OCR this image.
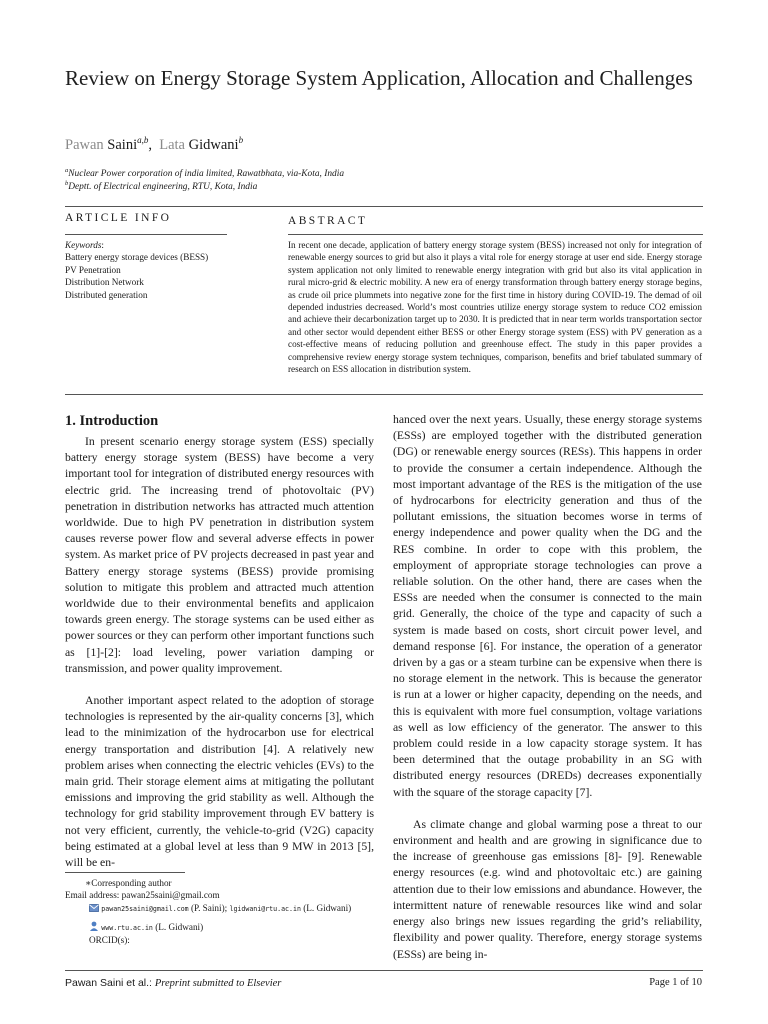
Review on Energy Storage System Application, Allocation and Challenges
Pawan Saini$^{a,b}$,  Lata Gidwani$^b$
$^a$Nuclear Power corporation of india limited, Rawatbhata, via-Kota, India
$^b$Deptt. of Electrical engineering, RTU, Kota, India
ARTICLE INFO	ABSTRACT
Keywords:
Battery energy storage devices (BESS)
PV Penetration
Distribution Network
Distributed generation
In recent one decade, application of battery energy storage system (BESS) increased not only for integration of renewable energy sources to grid but also it plays a vital role for energy storage at user end side. Energy storage system application not only limited to renewable energy integration with grid but also its vital application in rural micro-grid & electric mobility. A new era of energy transformation through battery energy storage begins, as crude oil price plummets into negative zone for the first time in history during COVID-19. The demad of oil depended industries decreased. World’s most countries utilize energy storage system to reduce CO2 emission and achieve their decarbonization target up to 2030. It is predicted that in near term worlds transportation sector and other sector would dependent either BESS or other Energy storage system (ESS) with PV generation as a cost-effective means of reducing pollution and greenhouse effect. The study in this paper provides a comprehensive review energy storage system techniques, comparison, benefits and brief tabulated summary of research on ESS allocation in distribution system.
1. Introduction

In present scenario energy storage system (ESS) specially battery energy storage system (BESS) have become a very important tool for integration of distributed energy resources with electric grid. The increasing trend of photovoltaic (PV) penetration in distribution networks has attracted much attention worldwide. Due to high PV penetration in distribution system causes reverse power flow and several adverse effects in power system. As market price of PV projects decreased in past year and Battery energy storage systems (BESS) provide promising solution to mitigate this problem and attracted much attention worldwide due to their environmental benefits and applicaion towards green energy. The storage systems can be used either as power sources or they can perform other important functions such as [1]-[2]: load leveling, power variation damping or transmission, and power quality improvement.

Another important aspect related to the adoption of storage technologies is represented by the air-quality concerns [3], which lead to the minimization of the hydrocarbon use for electrical energy transportation and distribution [4]. A relatively new problem arises when connecting the electric vehicles (EVs) to the main grid. Their storage element aims at mitigating the pollutant emissions and improving the grid stability as well. Although the technology for grid stability improvement through EV battery is not very efficient, currently, the vehicle-to-grid (V2G) capacity being estimated at a global level at less than 9 MW in 2013 [5], will be en-

hanced over the next years. Usually, these energy storage systems (ESSs) are employed together with the distributed generation (DG) or renewable energy sources (RESs). This happens in order to provide the consumer a certain independence. Although the most important advantage of the RES is the mitigation of the use of hydrocarbons for electricity generation and thus of the pollutant emissions, the situation becomes worse in terms of energy independence and power quality when the DG and the RES combine. In order to cope with this problem, the employment of appropriate storage technologies can prove a reliable solution. On the other hand, there are cases when the ESSs are needed when the consumer is connected to the main grid. Generally, the choice of the type and capacity of such a system is made based on costs, short circuit power level, and demand response [6]. For instance, the operation of a generator driven by a gas or a steam turbine can be expensive when there is no storage element in the network. This is because the generator is run at a lower or higher capacity, depending on the needs, and this is equivalent with more fuel consumption, voltage variations as well as low efficiency of the generator. The answer to this problem could reside in a low capacity storage system. It has been determined that the outage probability in an SG with distributed energy resources (DREDs) decreases exponentially with the square of the storage capacity [7].

As climate change and global warming pose a threat to our environment and health and are growing in significance due to the increase of greenhouse gas emissions [8]- [9]. Renewable energy resources (e.g. wind and photovoltaic etc.) are gaining attention due to their low emissions and abundance. However, the intermittent nature of renewable resources like wind and solar energy also brings new issues regarding the grid’s reliability, flexibility and power quality. Therefore, energy storage systems (ESSs) are being in-

∗Corresponding author
Email address: pawan25saini@gmail.com
pawan25saini@gmail.com (P. Saini); lgidwani@rtu.ac.in (L. Gidwani)
www.rtu.ac.in (L. Gidwani)
ORCID(s):
Pawan Saini et al.: Preprint submitted to Elsevier	Page 1 of 10
